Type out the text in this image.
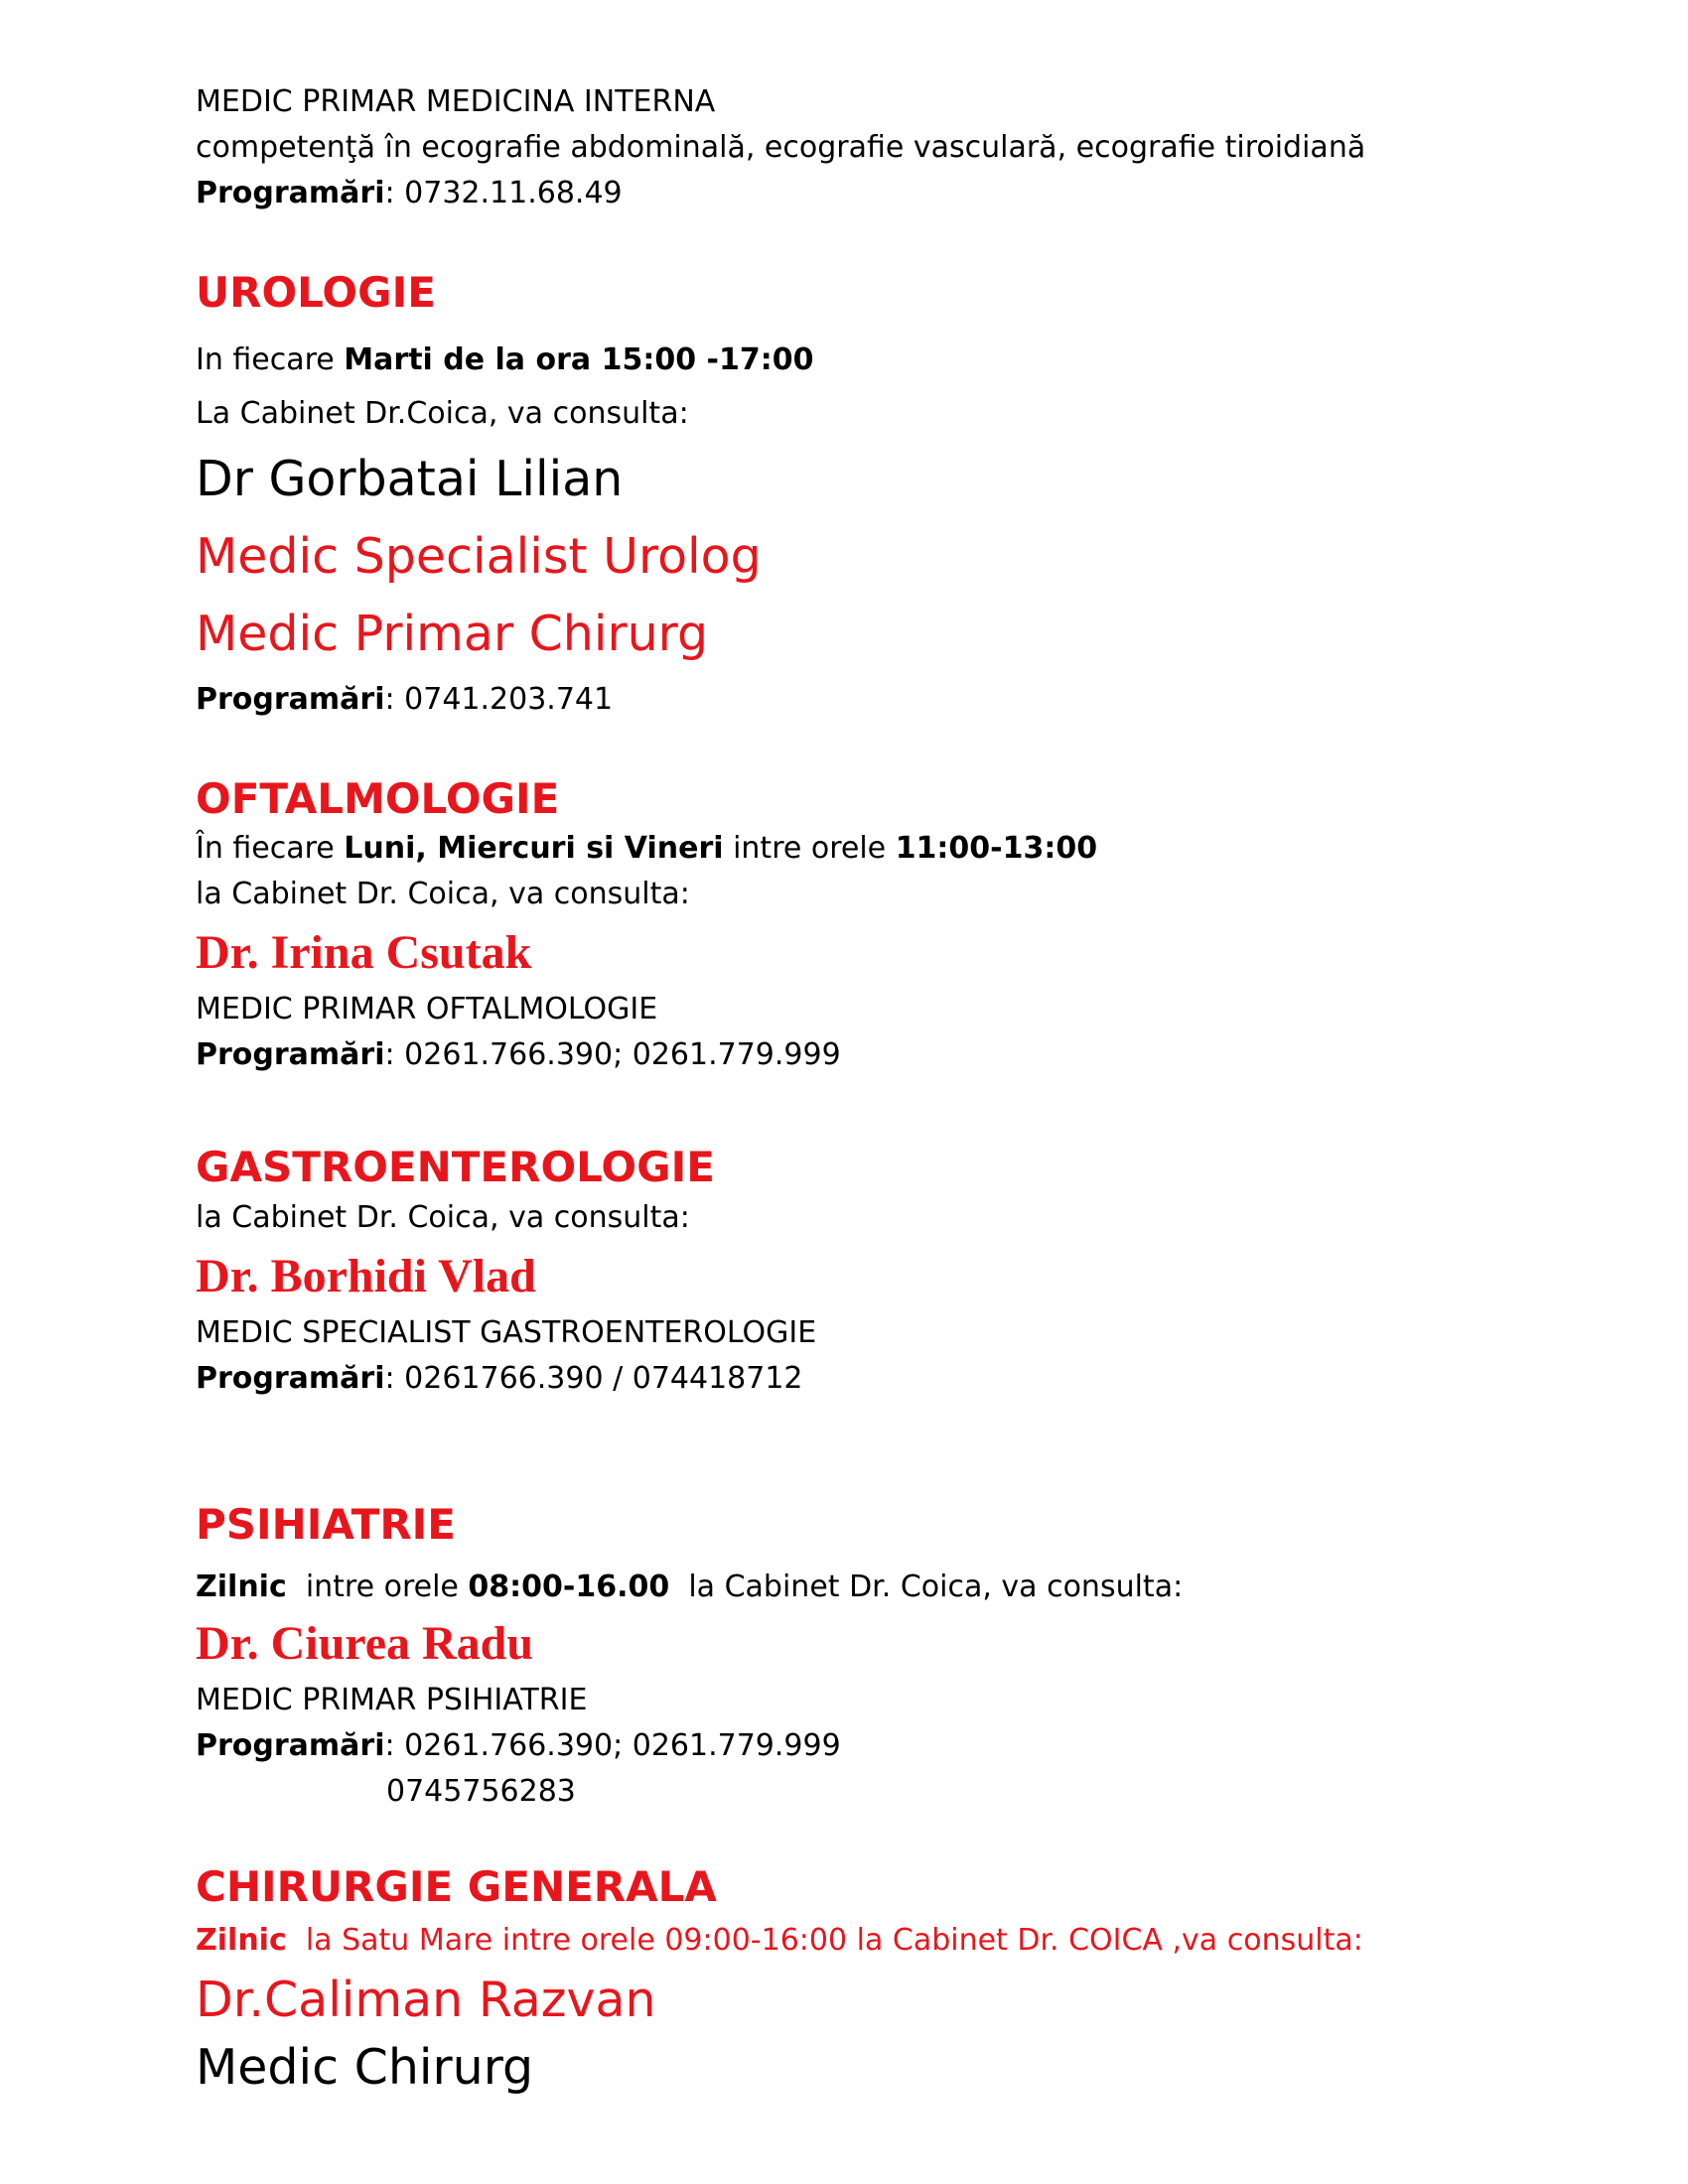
MEDIC PRIMAR MEDICINA INTERNA
competenţă în ecografie abdominală, ecografie vasculară, ecografie tiroidiană
Programări: 0732.11.68.49
UROLOGIE
In fiecare Marti de la ora 15:00 -17:00
La Cabinet Dr.Coica, va consulta:
Dr Gorbatai Lilian
Medic Specialist Urolog
Medic Primar Chirurg
Programări: 0741.203.741
OFTALMOLOGIE
În fiecare Luni, Miercuri si Vineri intre orele 11:00-13:00
la Cabinet Dr. Coica, va consulta:
Dr. Irina Csutak
MEDIC PRIMAR OFTALMOLOGIE
Programări: 0261.766.390; 0261.779.999
GASTROENTEROLOGIE
la Cabinet Dr. Coica, va consulta:
Dr. Borhidi Vlad
MEDIC SPECIALIST GASTROENTEROLOGIE
Programări: 0261766.390 / 074418712
PSIHIATRIE
Zilnic  intre orele 08:00-16.00  la Cabinet Dr. Coica, va consulta:
Dr. Ciurea Radu
MEDIC PRIMAR PSIHIATRIE
Programări: 0261.766.390; 0261.779.999
0745756283
CHIRURGIE GENERALA
Zilnic  la Satu Mare intre orele 09:00-16:00 la Cabinet Dr. COICA ,va consulta:
Dr.Caliman Razvan
Medic Chirurg
